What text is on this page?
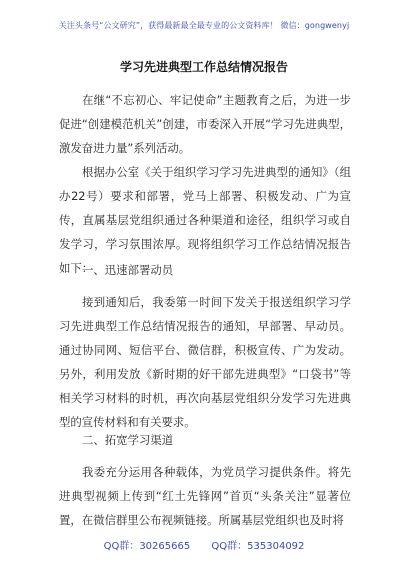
关注头条号“公文研究”，获得最新最全最专业的公文资料库！ 微信：gongwenyj
学习先进典型工作总结情况报告
在继“不忘初心、牢记使命”主题教育之后，为进一步促进“创建模范机关”创建，市委深入开展“学习先进典型，激发奋进力量”系列活动。
根据办公室《关于组织学习学习先进典型的通知》（组办22号）要求和部署，党马上部署、积极发动、广为宣传，直属基层党组织通过各种渠道和途径，组织学习或自发学习，学习氛围浓厚。现将组织学习工作总结情况报告如下：
一、迅速部署动员
接到通知后，我委第一时间下发关于报送组织学习学习先进典型工作总结情况报告的通知，早部署、早动员。通过协同网、短信平台、微信群，积极宣传、广为发动。另外，利用发放《新时期的好干部先进典型》“口袋书”等相关学习材料的时机，再次向基层党组织分发学习先进典型的宣传材料和有关要求。
二、拓宽学习渠道
我委充分运用各种载体，为党员学习提供条件。将先进典型视频上传到“红土先锋网”首页“头条关注”显著位置，在微信群里公布视频链接。所属基层党组织也及时将
QQ群：30265665 QQ群：535304092
